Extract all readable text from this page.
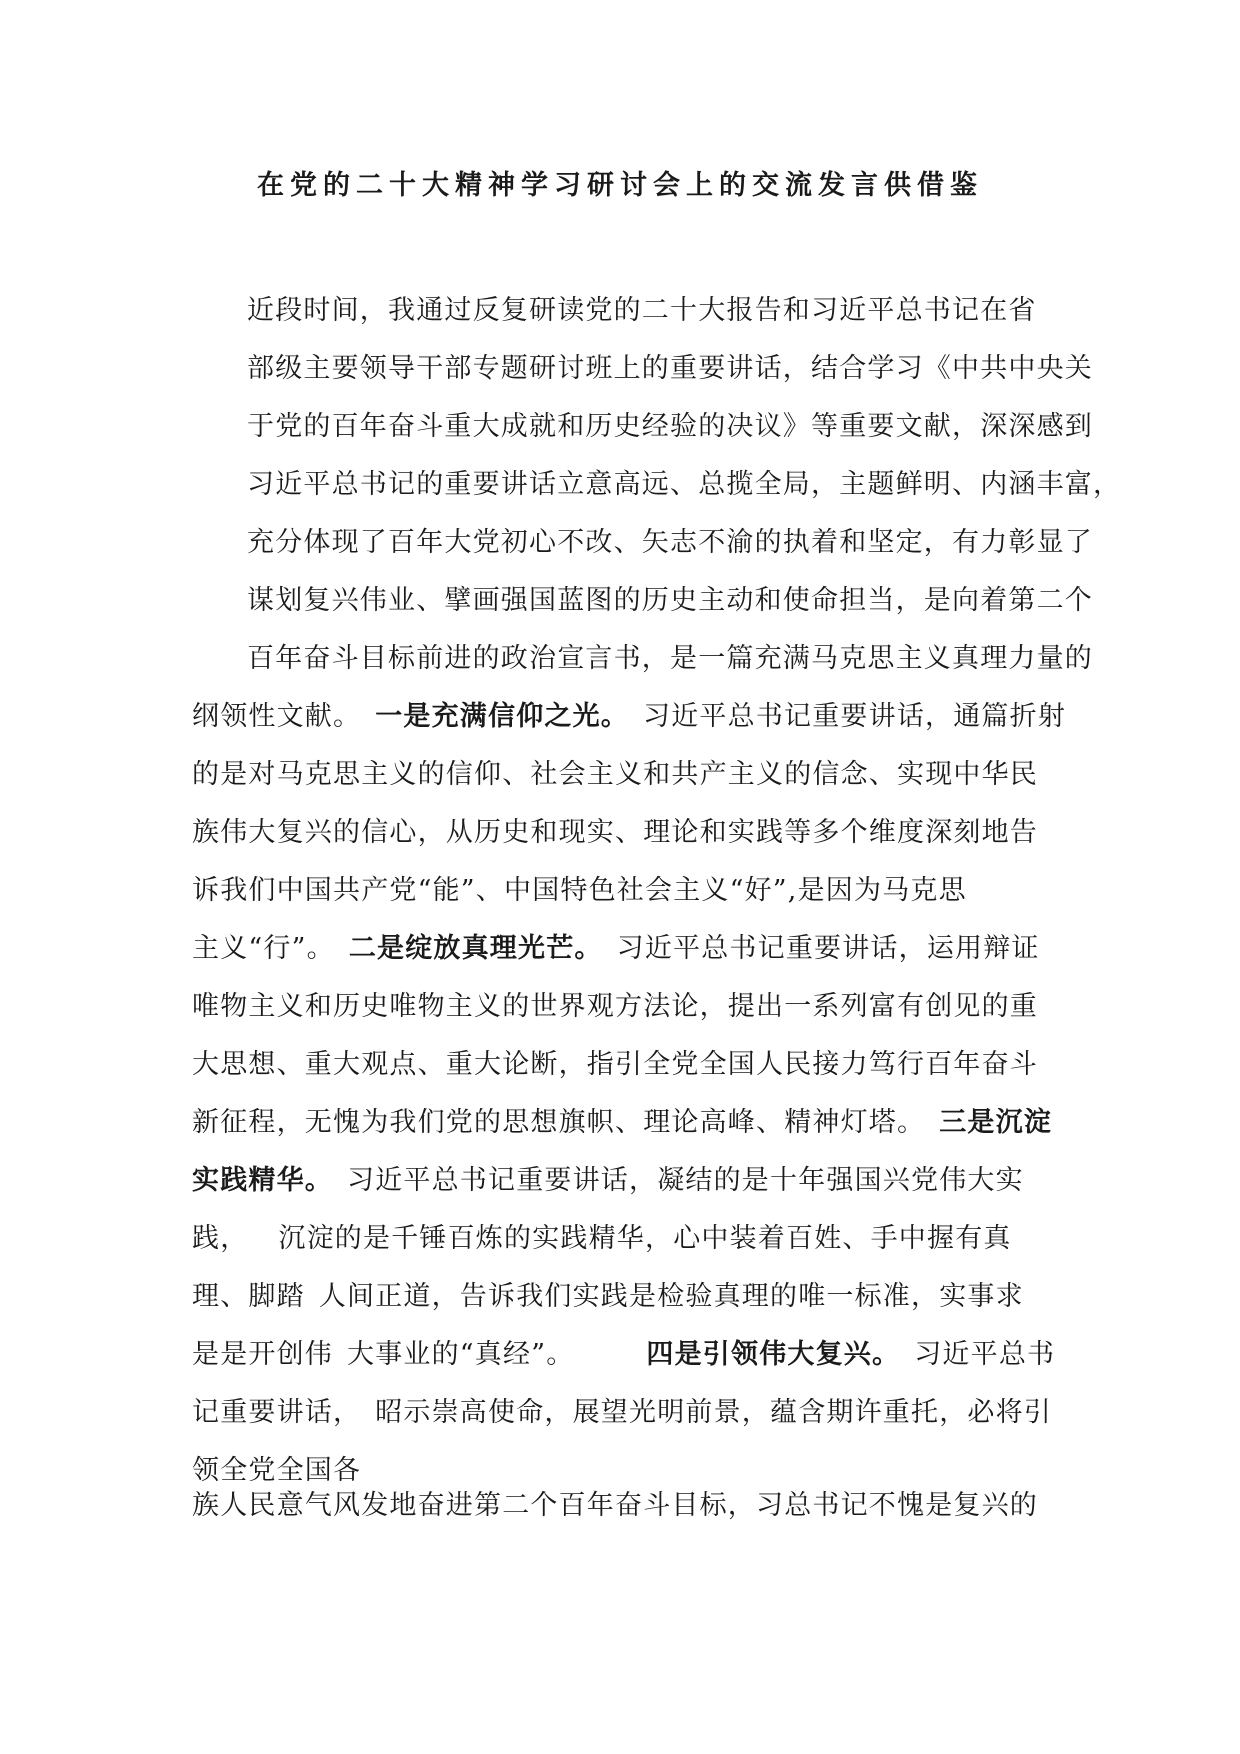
在党的二十大精神学习研讨会上的交流发言供借鉴
近段时间，我通过反复研读党的二十大报告和习近平总书记在省
部级主要领导干部专题研讨班上的重要讲话，结合学习《中共中央关
于党的百年奋斗重大成就和历史经验的决议》等重要文献，深深感到
习近平总书记的重要讲话立意高远、总揽全局，主题鲜明、内涵丰富，
充分体现了百年大党初心不改、矢志不渝的执着和坚定，有力彰显了
谋划复兴伟业、擘画强国蓝图的历史主动和使命担当，是向着第二个
百年奋斗目标前进的政治宣言书，是一篇充满马克思主义真理力量的
纲领性文献。 一是充满信仰之光。 习近平总书记重要讲话，通篇折射
的是对马克思主义的信仰、社会主义和共产主义的信念、实现中华民
族伟大复兴的信心，从历史和现实、理论和实践等多个维度深刻地告
诉我们中国共产党“能”、中国特色社会主义“好”,是因为马克思
主义“行”。 二是绽放真理光芒。 习近平总书记重要讲话，运用辩证
唯物主义和历史唯物主义的世界观方法论，提出一系列富有创见的重
大思想、重大观点、重大论断，指引全党全国人民接力笃行百年奋斗
新征程，无愧为我们党的思想旗帜、理论高峰、精神灯塔。 三是沉淀
实践精华。 习近平总书记重要讲话，凝结的是十年强国兴党伟大实
践， 沉淀的是千锤百炼的实践精华，心中装着百姓、手中握有真
理、脚踏 人间正道，告诉我们实践是检验真理的唯一标准，实事求
是是开创伟 大事业的“真经”。	四是引领伟大复兴。 习近平总书
记重要讲话， 昭示崇高使命，展望光明前景，蕴含期许重托，必将引
领全党全国各
族人民意气风发地奋进第二个百年奋斗目标，习总书记不愧是复兴的
